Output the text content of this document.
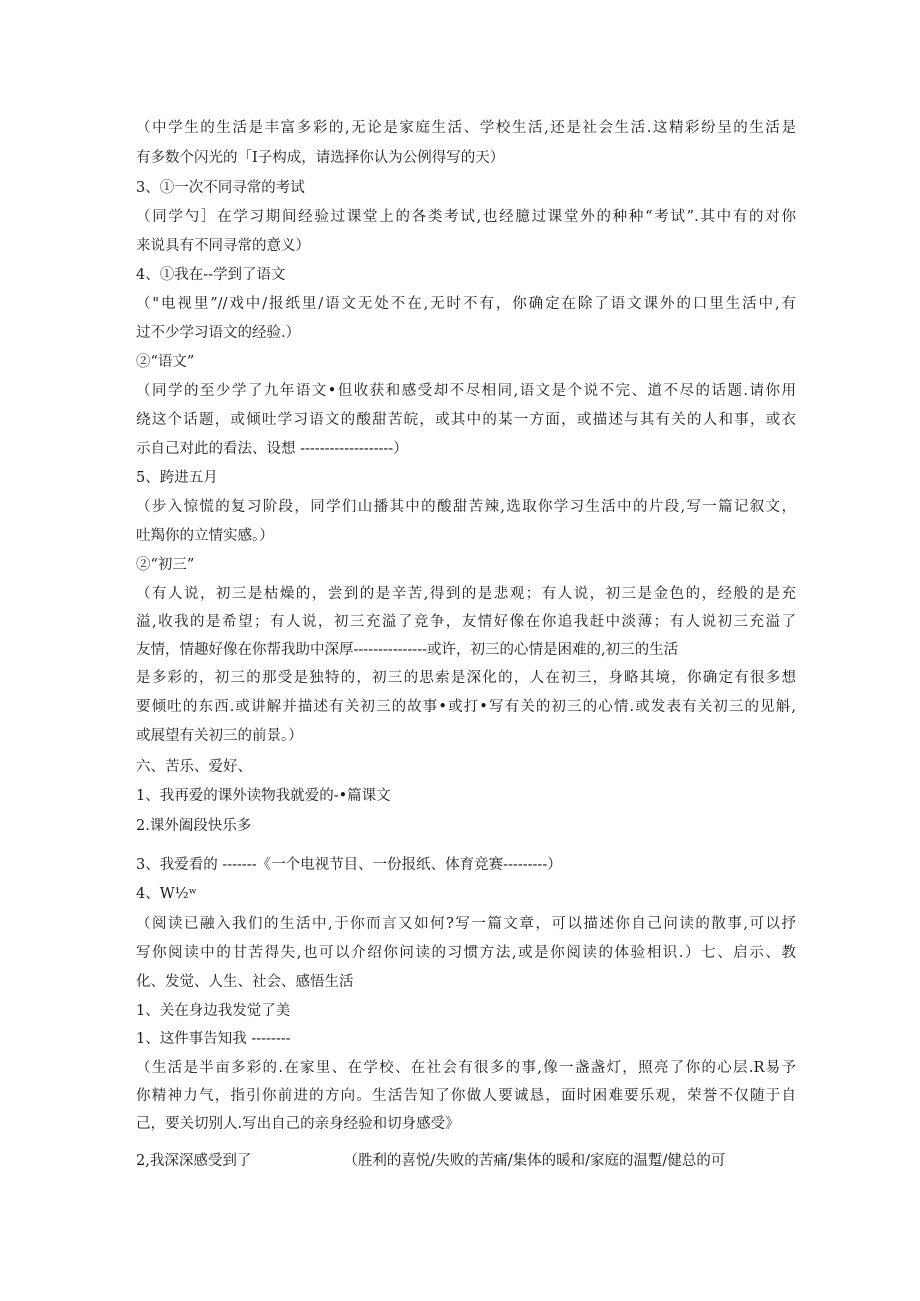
（中学生的生活是丰富多彩的,无论是家庭生活、学校生活,还是社会生活.这精彩纷呈的生活是
有多数个闪光的「I子构成，请选择你认为公例得写的天）
3、①一次不同寻常的考试
（同学勺］在学习期间经验过课堂上的各类考试,也经臆过课堂外的种种“考试”.其中有的对你
来说具有不同寻常的意义）
4、①我在--学到了语文
（"电视里”//戏中/报纸里/语文无处不在,无时不有，你确定在除了语文课外的口里生活中,有
过不少学习语文的经验.）
②“语文”
（同学的至少学了九年语文•但收获和感受却不尽相同,语文是个说不完、道不尽的话题.请你用
绕这个话题，或倾吐学习语文的酸甜苦皖，或其中的某一方面，或描述与其有关的人和事，或衣
示自己对此的看法、设想 -------------------）
5、跨进五月
（步入惊慌的复习阶段，同学们山播其中的酸甜苦辣,选取你学习生活中的片段,写一篇记叙文，
吐羯你的立情实感。）
②“初三”
（有人说，初三是枯燥的，尝到的是辛苦,得到的是悲观；有人说，初三是金色的，经般的是充
溢,收我的是希望；有人说，初三充溢了竞争，友情好像在你追我赶中淡薄；有人说初三充溢了
友情，情趣好像在你帮我助中深厚---------------或许，初三的心情是困难的,初三的生活
是多彩的，初三的那受是独特的，初三的思索是深化的，人在初三，身略其境，你确定有很多想
要倾吐的东西.或讲解并描述有关初三的故事•或打•写有关的初三的心情.或发表有关初三的见斛,
或展望有关初三的前景。）
六、苦乐、爱好、
1、我再爱的课外读物我就爱的-•篇课文
2.课外阖段快乐多
3、我爱看的 -------《一个电视节目、一份报纸、体育竞赛---------）
4、W½ʷ
（阅读已融入我们的生活中,于你而言又如何?写一篇文章，可以描述你自己问读的散事,可以抒
写你阅读中的甘苦得失,也可以介绍你问读的习惯方法,或是你阅读的体验相识.）七、启示、教
化、发觉、人生、社会、感悟生活
1、关在身边我发觉了美
1、这件事告知我 --------
（生活是半亩多彩的.在家里、在学校、在社会有很多的事,像一盏盏灯，照亮了你的心层.R易予
你精神力气，指引你前进的方向。生活告知了你做人要诚恳，面时困难要乐观，荣誉不仅随于自
己，要关切别人.写出自己的亲身经验和切身感受》
2,我深深感受到了	（胜利的喜悦/失败的苦痛/集体的暖和/家庭的温蹔/健总的可
